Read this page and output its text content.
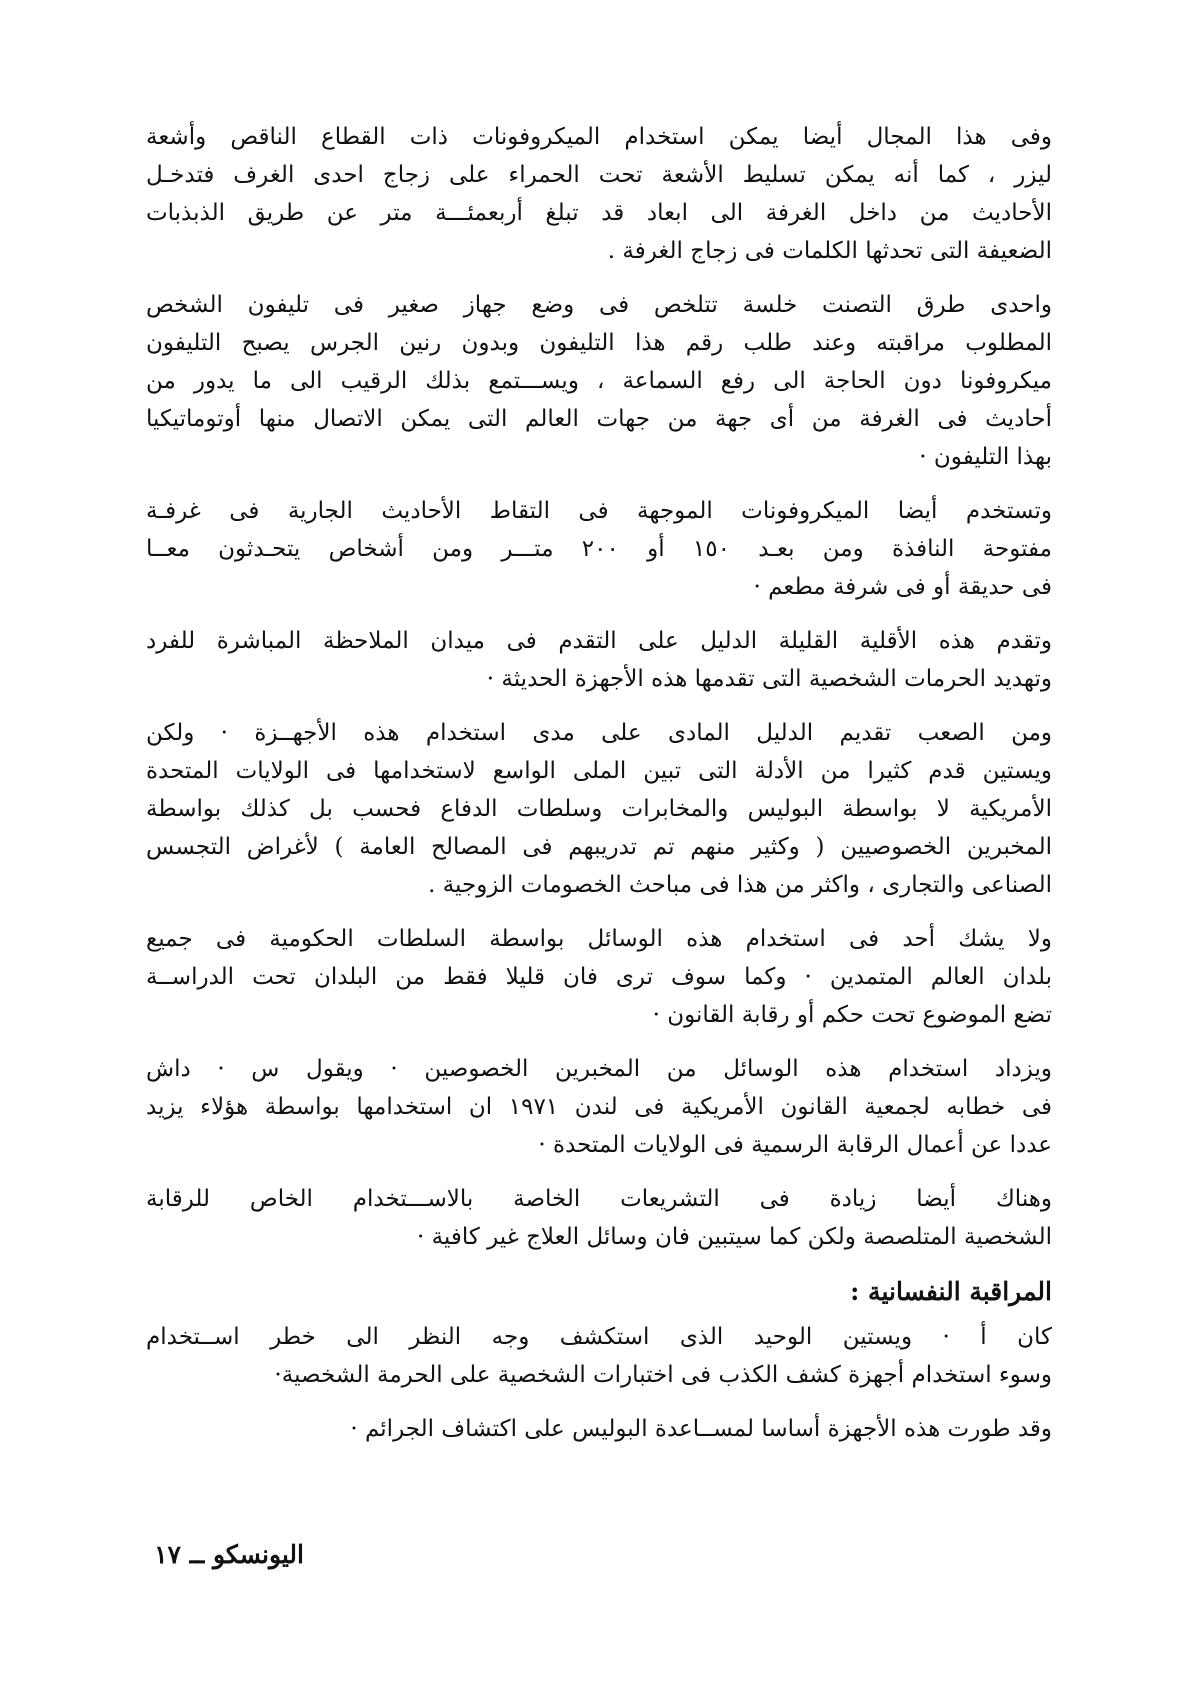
وفى هذا المجال أيضا يمكن استخدام الميكروفونات ذات القطاع الناقص وأشعة
ليزر ، كما أنه يمكن تسليط الأشعة تحت الحمراء على زجاج احدى الغرف فتدخـل
الأحاديث من داخل الغرفة الى ابعاد قد تبلغ أربعمئـــة متر عن طريق الذبذبات
الضعيفة التى تحدثها الكلمات فى زجاج الغرفة .

واحدى طرق التصنت خلسة تتلخص فى وضع جهاز صغير فى تليفون الشخص
المطلوب مراقبته وعند طلب رقم هذا التليفون وبدون رنين الجرس يصبح التليفون
ميكروفونا دون الحاجة الى رفع السماعة ، ويســـتمع بذلك الرقيب الى ما يدور من
أحاديث فى الغرفة من أى جهة من جهات العالم التى يمكن الاتصال منها أوتوماتيكيا
بهذا التليفون ·

وتستخدم أيضا الميكروفونات الموجهة فى التقاط الأحاديث الجارية فى غرفـة
مفتوحة النافذة ومن بعـد ١٥٠ أو ٢٠٠ متـــر ومن أشخاص يتحـدثون معــا
فى حديقة أو فى شرفة مطعم ·

وتقدم هذه الأقلية القليلة الدليل على التقدم فى ميدان الملاحظة المباشرة للفرد
وتهديد الحرمات الشخصية التى تقدمها هذه الأجهزة الحديثة ·

ومن الصعب تقديم الدليل المادى على مدى استخدام هذه الأجهــزة · ولكن
ويستين قدم كثيرا من الأدلة التى تبين الملى الواسع لاستخدامها فى الولايات المتحدة
الأمريكية لا بواسطة البوليس والمخابرات وسلطات الدفاع فحسب بل كذلك بواسطة
المخبرين الخصوصيين ( وكثير منهم تم تدريبهم فى المصالح العامة ) لأغراض التجسس
الصناعى والتجارى ، واكثر من هذا فى مباحث الخصومات الزوجية .

ولا يشك أحد فى استخدام هذه الوسائل بواسطة السلطات الحكومية فى جميع
بلدان العالم المتمدين · وكما سوف ترى فان قليلا فقط من البلدان تحت الدراســة
تضع الموضوع تحت حكم أو رقابة القانون ·

ويزداد استخدام هذه الوسائل من المخبرين الخصوصين · ويقول س · داش
فى خطابه لجمعية القانون الأمريكية فى لندن ١٩٧١ ان استخدامها بواسطة هؤلاء يزيد
عددا عن أعمال الرقابة الرسمية فى الولايات المتحدة ·

وهناك أيضا زيادة فى التشريعات الخاصة بالاســـتخدام الخاص للرقابة
الشخصية المتلصصة ولكن كما سيتبين فان وسائل العلاج غير كافية ·

المراقبة النفسانية :

كان أ · ويستين الوحيد الذى استكشف وجه النظر الى خطر اســتخدام
وسوء استخدام أجهزة كشف الكذب فى اختبارات الشخصية على الحرمة الشخصية·

وقد طورت هذه الأجهزة أساسا لمســاعدة البوليس على اكتشاف الجرائم ·

اليونسكو ــ ١٧
